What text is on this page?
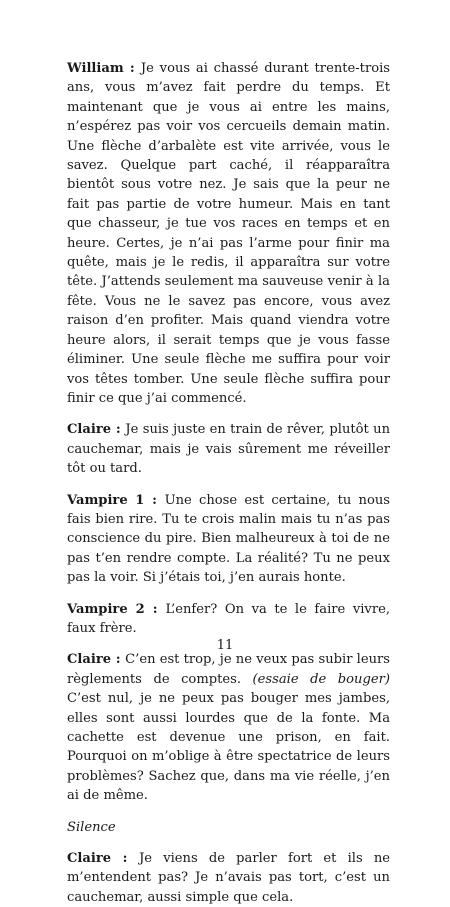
William : Je vous ai chassé durant trente-trois ans, vous m’avez fait perdre du temps. Et maintenant que je vous ai entre les mains, n’espérez pas voir vos cercueils demain matin. Une flèche d’arbalète est vite arrivée, vous le savez. Quelque part caché, il réapparaîtra bientôt sous votre nez. Je sais que la peur ne fait pas partie de votre humeur. Mais en tant que chasseur, je tue vos races en temps et en heure. Certes, je n’ai pas l’arme pour finir ma quête, mais je le redis, il apparaîtra sur votre tête. J’attends seulement ma sauveuse venir à la fête. Vous ne le savez pas encore, vous avez raison d’en profiter. Mais quand viendra votre heure alors, il serait temps que je vous fasse éliminer. Une seule flèche me suffira pour voir vos têtes tomber. Une seule flèche suffira pour finir ce que j’ai commencé.

Claire : Je suis juste en train de rêver, plutôt un cauchemar, mais je vais sûrement me réveiller tôt ou tard.

Vampire 1 : Une chose est certaine, tu nous fais bien rire. Tu te crois malin mais tu n’as pas conscience du pire. Bien malheureux à toi de ne pas t’en rendre compte. La réalité? Tu ne peux pas la voir. Si j’étais toi, j’en aurais honte.

Vampire 2 : L’enfer? On va te le faire vivre, faux frère.

Claire : C’en est trop, je ne veux pas subir leurs règlements de comptes. (essaie de bouger) C’est nul, je ne peux pas bouger mes jambes, elles sont aussi lourdes que de la fonte. Ma cachette est devenue une prison, en fait. Pourquoi on m’oblige à être spectatrice de leurs problèmes? Sachez que, dans ma vie réelle, j’en ai de même.

Silence

Claire : Je viens de parler fort et ils ne m’entendent pas? Je n’avais pas tort, c’est un cauchemar, aussi simple que cela.

11
